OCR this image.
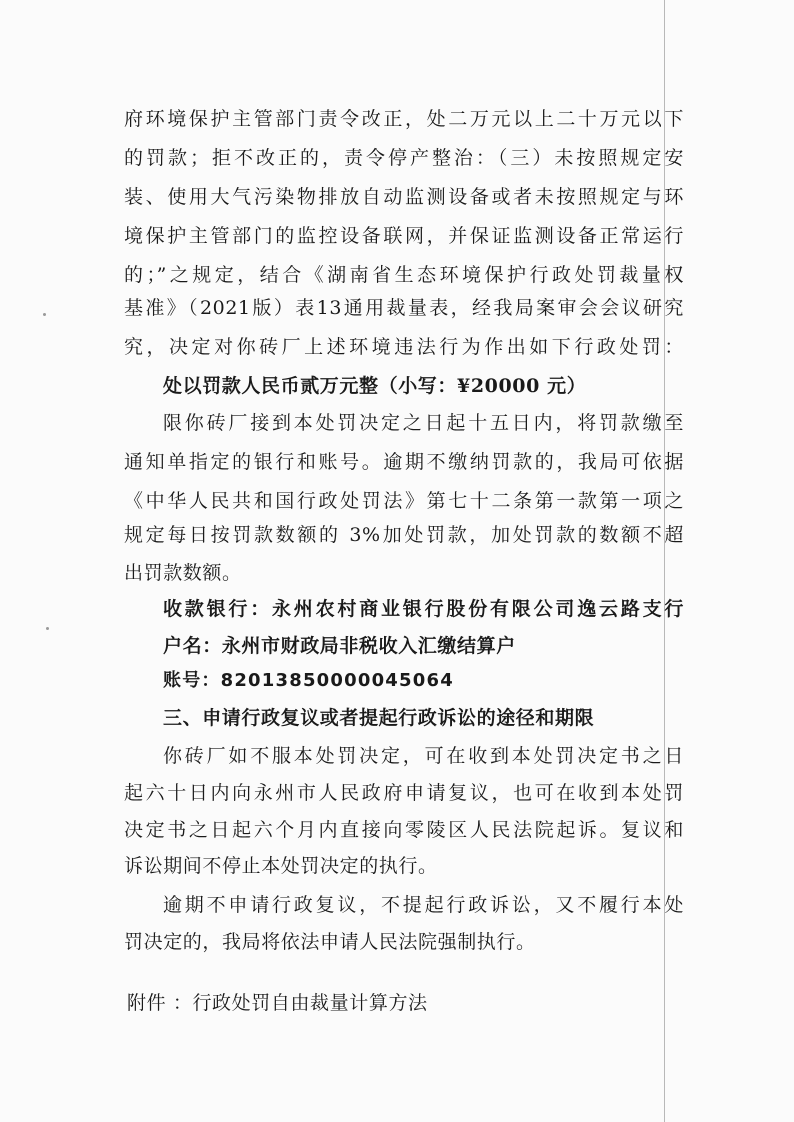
府环境保护主管部门责令改正，处二万元以上二十万元以下
的罚款；拒不改正的，责令停产整治：（三）未按照规定安
装、使用大气污染物排放自动监测设备或者未按照规定与环
境保护主管部门的监控设备联网，并保证监测设备正常运行
的；”之规定，结合《湖南省生态环境保护行政处罚裁量权
基准》（2021版）表13通用裁量表，经我局案审会会议研究
究，决定对你砖厂上述环境违法行为作出如下行政处罚：
处以罚款人民币贰万元整（小写：¥20000 元）
限你砖厂接到本处罚决定之日起十五日内，将罚款缴至
通知单指定的银行和账号。逾期不缴纳罚款的，我局可依据
《中华人民共和国行政处罚法》第七十二条第一款第一项之
规定每日按罚款数额的 3%加处罚款，加处罚款的数额不超
出罚款数额。
收款银行：永州农村商业银行股份有限公司逸云路支行
户名：永州市财政局非税收入汇缴结算户
账号：82013850000045064
三、申请行政复议或者提起行政诉讼的途径和期限
你砖厂如不服本处罚决定，可在收到本处罚决定书之日
起六十日内向永州市人民政府申请复议，也可在收到本处罚
决定书之日起六个月内直接向零陵区人民法院起诉。复议和
诉讼期间不停止本处罚决定的执行。
逾期不申请行政复议，不提起行政诉讼，又不履行本处
罚决定的，我局将依法申请人民法院强制执行。
附件 ：行政处罚自由裁量计算方法
